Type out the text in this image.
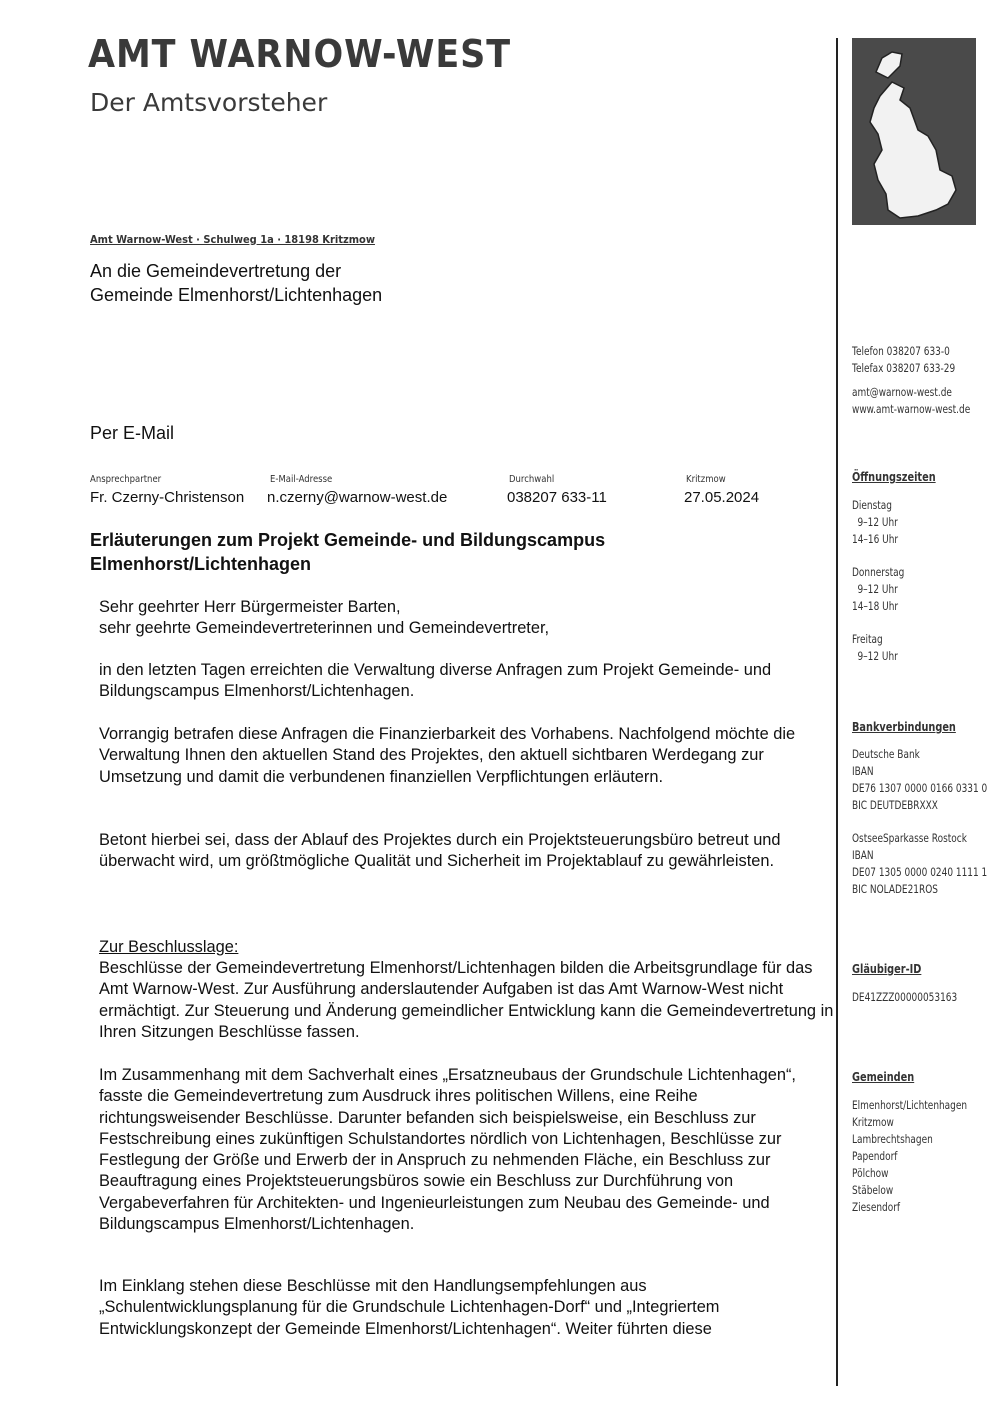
AMT WARNOW-WEST
Der Amtsvorsteher
Amt Warnow-West · Schulweg 1a · 18198 Kritzmow
An die Gemeindevertretung der
Gemeinde Elmenhorst/Lichtenhagen
Per E-Mail
Ansprechpartner
Fr. Czerny-Christenson
E-Mail-Adresse
n.czerny@warnow-west.de
Durchwahl
038207 633-11
Kritzmow
27.05.2024
Erläuterungen zum Projekt Gemeinde- und Bildungscampus
Elmenhorst/Lichtenhagen
Sehr geehrter Herr Bürgermeister Barten,
sehr geehrte Gemeindevertreterinnen und Gemeindevertreter,
in den letzten Tagen erreichten die Verwaltung diverse Anfragen zum Projekt Gemeinde- und Bildungscampus Elmenhorst/Lichtenhagen.
Vorrangig betrafen diese Anfragen die Finanzierbarkeit des Vorhabens. Nachfolgend möchte die Verwaltung Ihnen den aktuellen Stand des Projektes, den aktuell sichtbaren Werdegang zur Umsetzung und damit die verbundenen finanziellen Verpflichtungen erläutern.
Betont hierbei sei, dass der Ablauf des Projektes durch ein Projektsteuerungsbüro betreut und überwacht wird, um größtmögliche Qualität und Sicherheit im Projektablauf zu gewährleisten.
Zur Beschlusslage:
Beschlüsse der Gemeindevertretung Elmenhorst/Lichtenhagen bilden die Arbeitsgrundlage für das Amt Warnow-West. Zur Ausführung anderslautender Aufgaben ist das Amt Warnow-West nicht ermächtigt. Zur Steuerung und Änderung gemeindlicher Entwicklung kann die Gemeindevertretung in Ihren Sitzungen Beschlüsse fassen.
Im Zusammenhang mit dem Sachverhalt eines „Ersatzneubaus der Grundschule Lichtenhagen“, fasste die Gemeindevertretung zum Ausdruck ihres politischen Willens, eine Reihe richtungsweisender Beschlüsse. Darunter befanden sich beispielsweise, ein Beschluss zur Festschreibung eines zukünftigen Schulstandortes nördlich von Lichtenhagen, Beschlüsse zur Festlegung der Größe und Erwerb der in Anspruch zu nehmenden Fläche, ein Beschluss zur Beauftragung eines Projektsteuerungsbüros sowie ein Beschluss zur Durchführung von Vergabeverfahren für Architekten- und Ingenieurleistungen zum Neubau des Gemeinde- und Bildungscampus Elmenhorst/Lichtenhagen.
Im Einklang stehen diese Beschlüsse mit den Handlungsempfehlungen aus „Schulentwicklungsplanung für die Grundschule Lichtenhagen-Dorf“ und „Integriertem Entwicklungskonzept der Gemeinde Elmenhorst/Lichtenhagen“. Weiter führten diese

Telefon 038207 633-0

Telefax 038207 633-29

amt@warnow-west.de

www.amt-warnow-west.de

Öffnungszeiten

Dienstag

9–12 Uhr

14–16 Uhr

Donnerstag

9–12 Uhr

14–18 Uhr

Freitag

9–12 Uhr

Bankverbindungen

Deutsche Bank

IBAN

DE76 1307 0000 0166 0331 0

BIC DEUTDEBRXXX

OstseeSparkasse Rostock

IBAN

DE07 1305 0000 0240 1111 1

BIC NOLADE21ROS

Gläubiger-ID

DE41ZZZ00000053163

Gemeinden

Elmenhorst/Lichtenhagen

Kritzmow

Lambrechtshagen

Papendorf

Pölchow

Stäbelow

Ziesendorf
